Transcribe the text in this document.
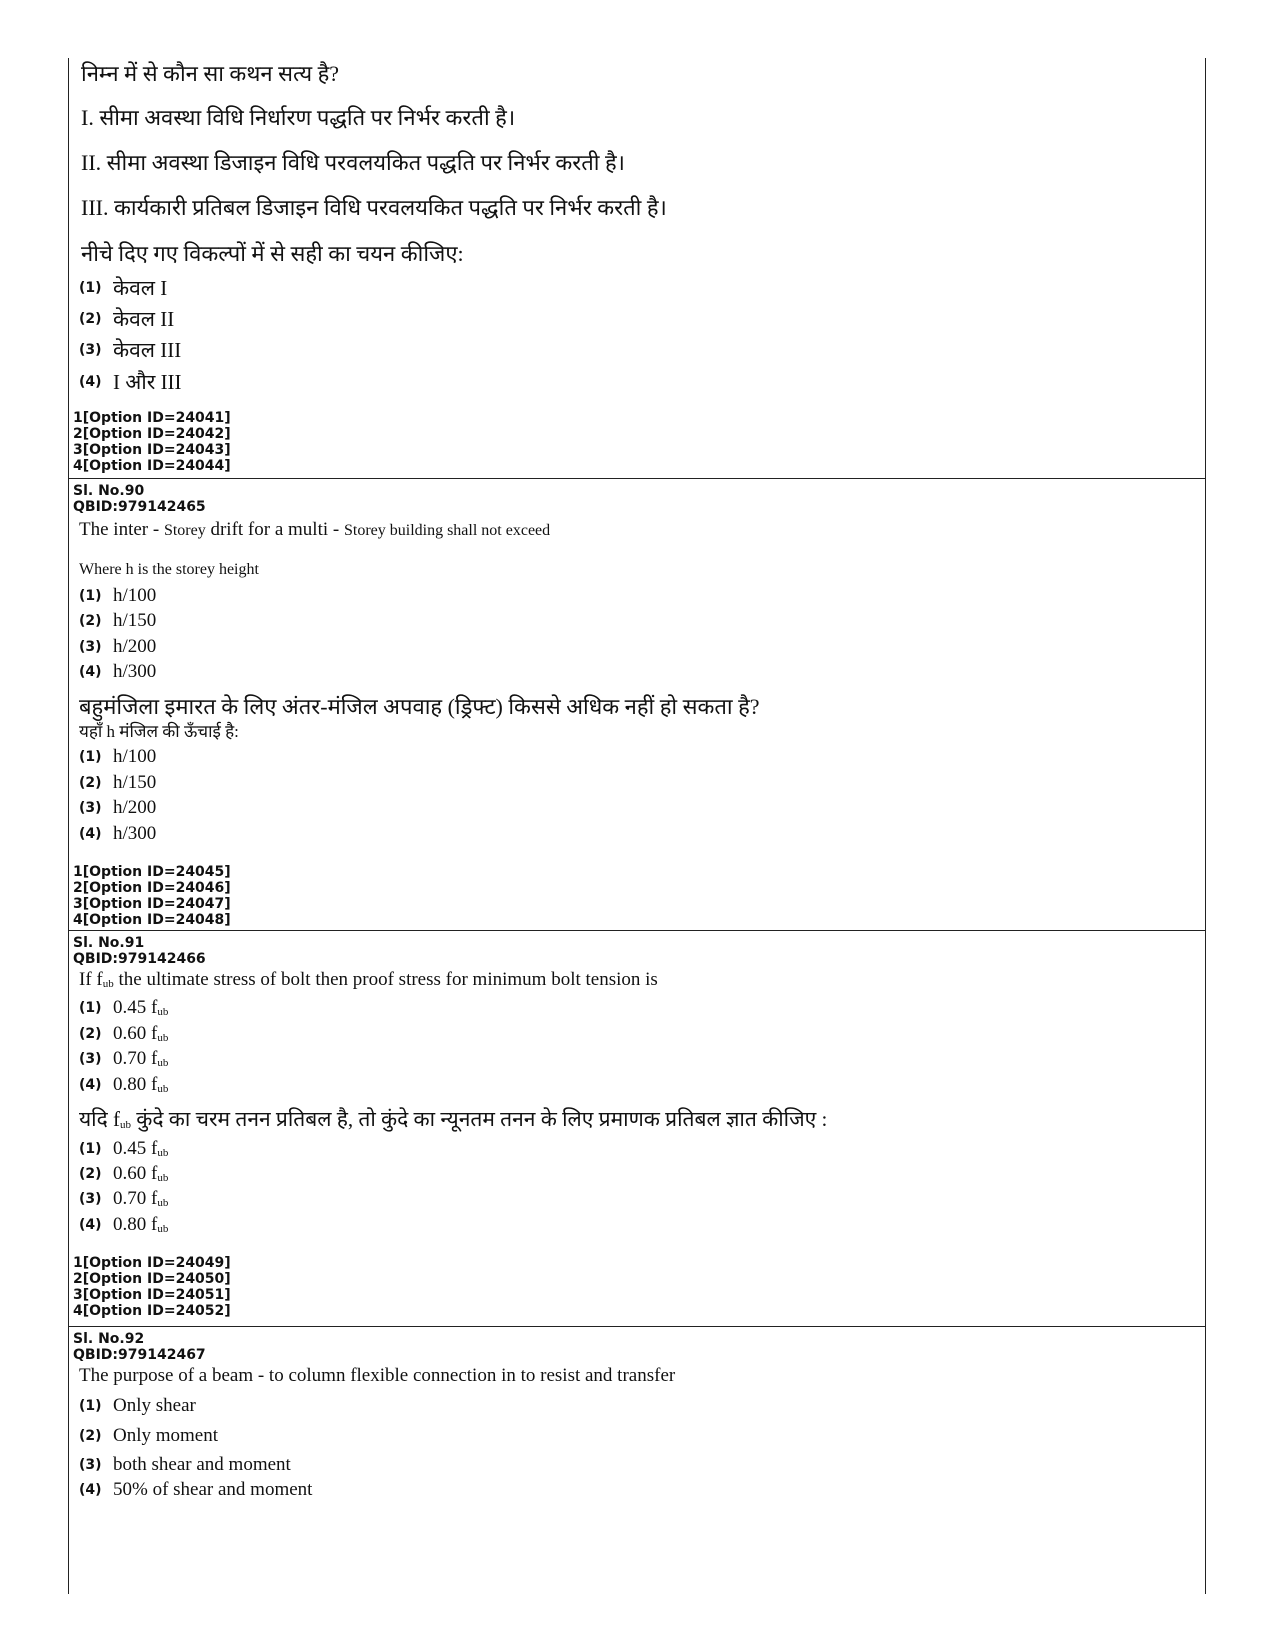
निम्न में से कौन सा कथन सत्य है?
I. सीमा अवस्था विधि निर्धारण पद्धति पर निर्भर करती है।
II. सीमा अवस्था डिजाइन विधि परवलयकित पद्धति पर निर्भर करती है।
III. कार्यकारी प्रतिबल डिजाइन विधि परवलयकित पद्धति पर निर्भर करती है।
नीचे दिए गए विकल्पों में से सही का चयन कीजिए:
(1) केवल I
(2) केवल II
(3) केवल III
(4) I और III
1[Option ID=24041]
2[Option ID=24042]
3[Option ID=24043]
4[Option ID=24044]
Sl. No.90
QBID:979142465
The inter - Storey drift for a multi - Storey building shall not exceed
Where h is the storey height
(1) h/100
(2) h/150
(3) h/200
(4) h/300
बहुमंजिला इमारत के लिए अंतर-मंजिल अपवाह (ड्रिफ्ट) किससे अधिक नहीं हो सकता है?
यहाँ h मंजिल की ऊँचाई है:
(1) h/100
(2) h/150
(3) h/200
(4) h/300
1[Option ID=24045]
2[Option ID=24046]
3[Option ID=24047]
4[Option ID=24048]
Sl. No.91
QBID:979142466
If $f_{ub}$ the ultimate stress of bolt then proof stress for minimum bolt tension is
(1) 0.45 $f_{ub}$
(2) 0.60 $f_{ub}$
(3) 0.70 $f_{ub}$
(4) 0.80 $f_{ub}$
यदि $f_{ub}$ कुंदे का चरम तनन प्रतिबल है, तो कुंदे का न्यूनतम तनन के लिए प्रमाणक प्रतिबल ज्ञात कीजिए :
(1) 0.45 $f_{ub}$
(2) 0.60 $f_{ub}$
(3) 0.70 $f_{ub}$
(4) 0.80 $f_{ub}$
1[Option ID=24049]
2[Option ID=24050]
3[Option ID=24051]
4[Option ID=24052]
Sl. No.92
QBID:979142467
The purpose of a beam - to column flexible connection in to resist and transfer
(1) Only shear
(2) Only moment
(3) both shear and moment
(4) 50% of shear and moment
